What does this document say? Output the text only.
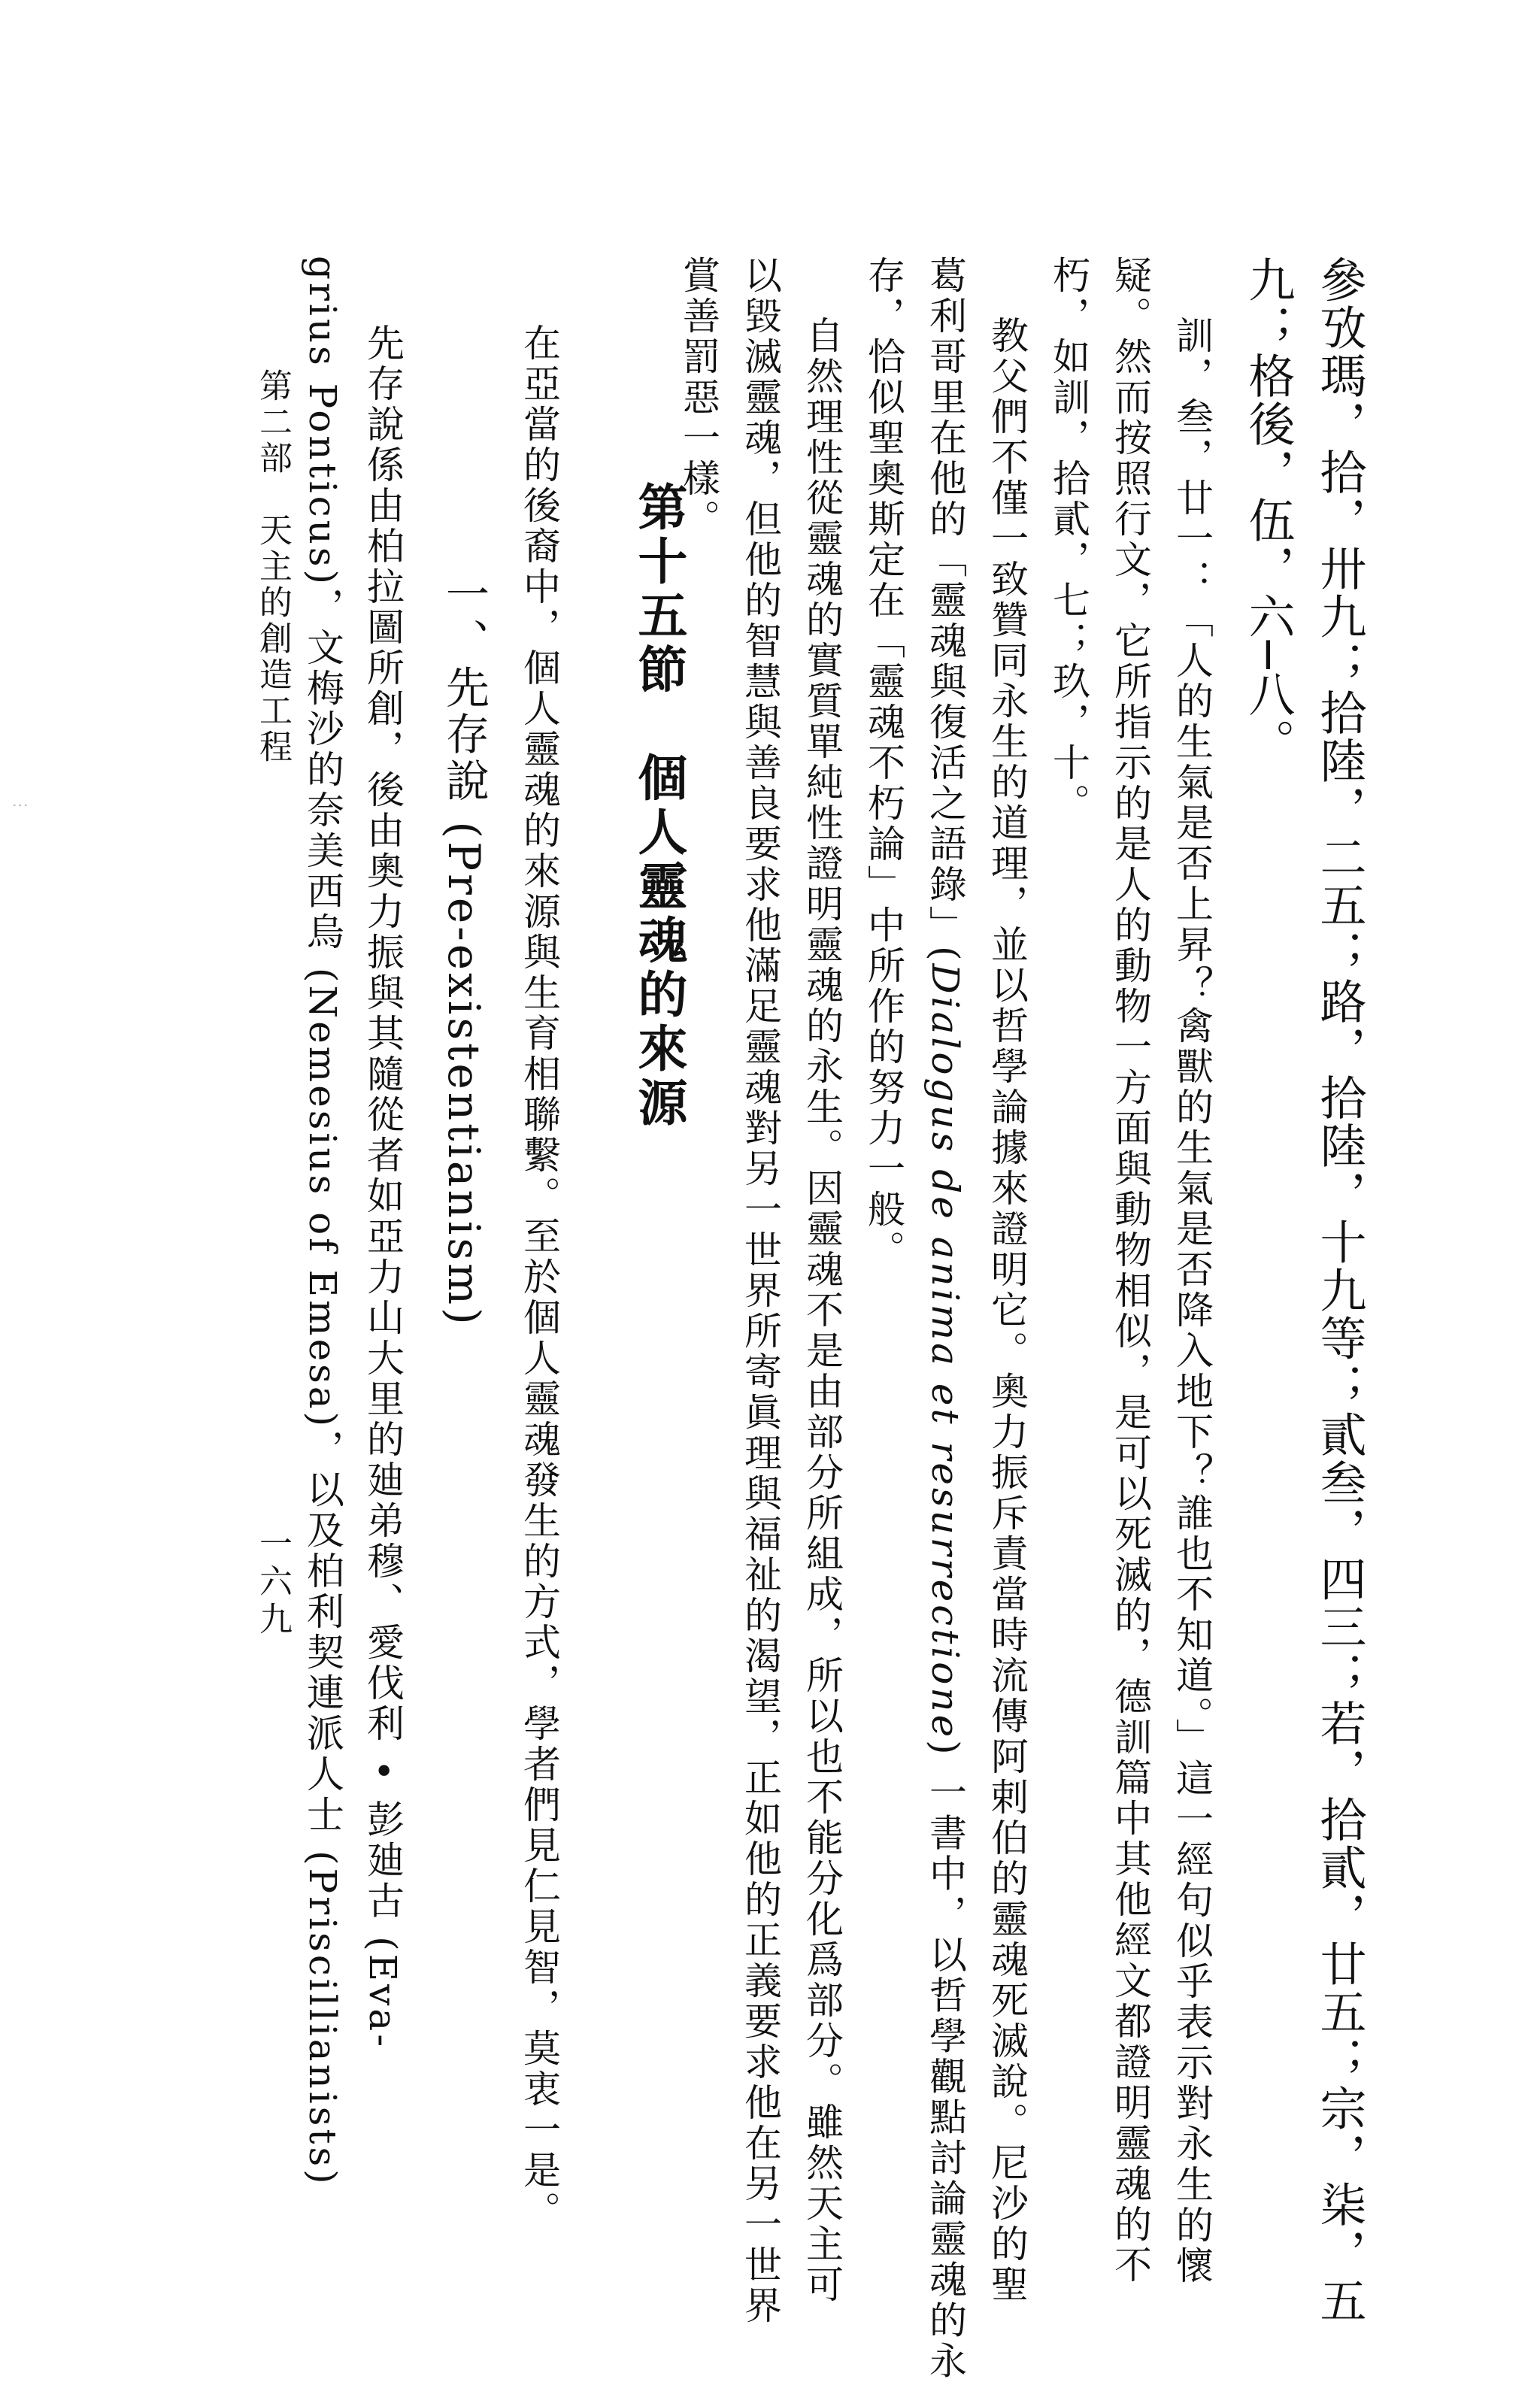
參攷瑪，拾，卅九；拾陸，二五；路，拾陸，十九等；貳叁，四三；若，拾貳，廿五；宗，柒，五
九；格後，伍，六─八。
訓，叁，廿一：「人的生氣是否上昇？禽獸的生氣是否降入地下？誰也不知道。」這一經句似乎表示對永生的懷
疑。然而按照行文，它所指示的是人的動物一方面與動物相似，是可以死滅的，德訓篇中其他經文都證明靈魂的不
朽，如訓，拾貳，七；玖，十。
教父們不僅一致贊同永生的道理，並以哲學論據來證明它。奧力振斥責當時流傳阿剌伯的靈魂死滅說。尼沙的聖
葛利哥里在他的「靈魂與復活之語錄」(Dialogus de anima et resurrectione) 一書中，以哲學觀點討論靈魂的永
存，恰似聖奧斯定在「靈魂不朽論」中所作的努力一般。
自然理性從靈魂的實質單純性證明靈魂的永生。因靈魂不是由部分所組成，所以也不能分化爲部分。雖然天主可
以毀滅靈魂，但他的智慧與善良要求他滿足靈魂對另一世界所寄眞理與福祉的渴望，正如他的正義要求他在另一世界
賞善罰惡一樣。
第十五節　個人靈魂的來源
在亞當的後裔中，個人靈魂的來源與生育相聯繫。至於個人靈魂發生的方式，學者們見仁見智，莫衷一是。
一、先存說 (Pre-existentianism)
先存說係由柏拉圖所創，後由奧力振與其隨從者如亞力山大里的廸弟穆、愛伐利 • 彭廸古 (Eva-
grius Ponticus)，文梅沙的奈美西烏 (Nemesius of Emesa)，以及柏利契連派人士 (Priscillianists)
第二部　天主的創造工程
一六九
⋮
